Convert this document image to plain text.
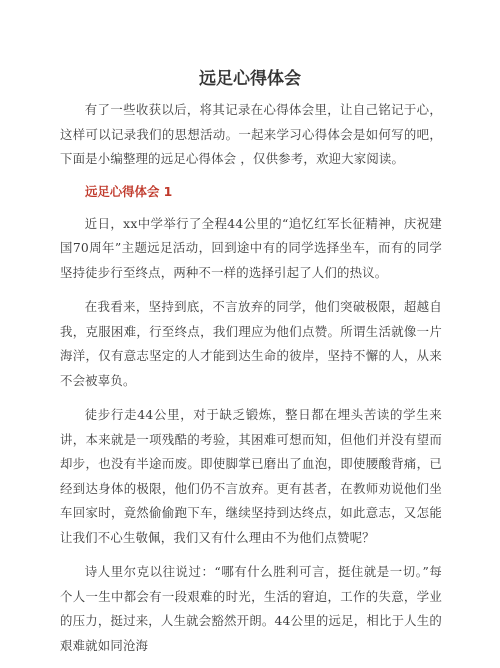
远足心得体会

有了一些收获以后，将其记录在心得体会里，让自己铭记于心，这样可以记录我们的思想活动。一起来学习心得体会是如何写的吧，下面是小编整理的远足心得体会 ，仅供参考，欢迎大家阅读。

远足心得体会 1

近日，xx中学举行了全程44公里的“追忆红军长征精神，庆祝建国70周年”主题远足活动，回到途中有的同学选择坐车，而有的同学坚持徒步行至终点，两种不一样的选择引起了人们的热议。

在我看来，坚持到底，不言放弃的同学，他们突破极限，超越自我，克服困难，行至终点，我们理应为他们点赞。所谓生活就像一片海洋，仅有意志坚定的人才能到达生命的彼岸，坚持不懈的人，从来不会被辜负。

徒步行走44公里，对于缺乏锻炼，整日都在埋头苦读的学生来讲，本来就是一项残酷的考验，其困难可想而知，但他们并没有望而却步，也没有半途而废。即使脚掌已磨出了血泡，即使腰酸背痛，已经到达身体的极限，他们仍不言放弃。更有甚者，在教师劝说他们坐车回家时，竟然偷偷跑下车，继续坚持到达终点，如此意志，又怎能让我们不心生敬佩，我们又有什么理由不为他们点赞呢？

诗人里尔克以往说过：“哪有什么胜利可言，挺住就是一切。”每个人一生中都会有一段艰难的时光，生活的窘迫，工作的失意，学业的压力，挺过来，人生就会豁然开朗。44公里的远足，相比于人生的艰难就如同沧海
